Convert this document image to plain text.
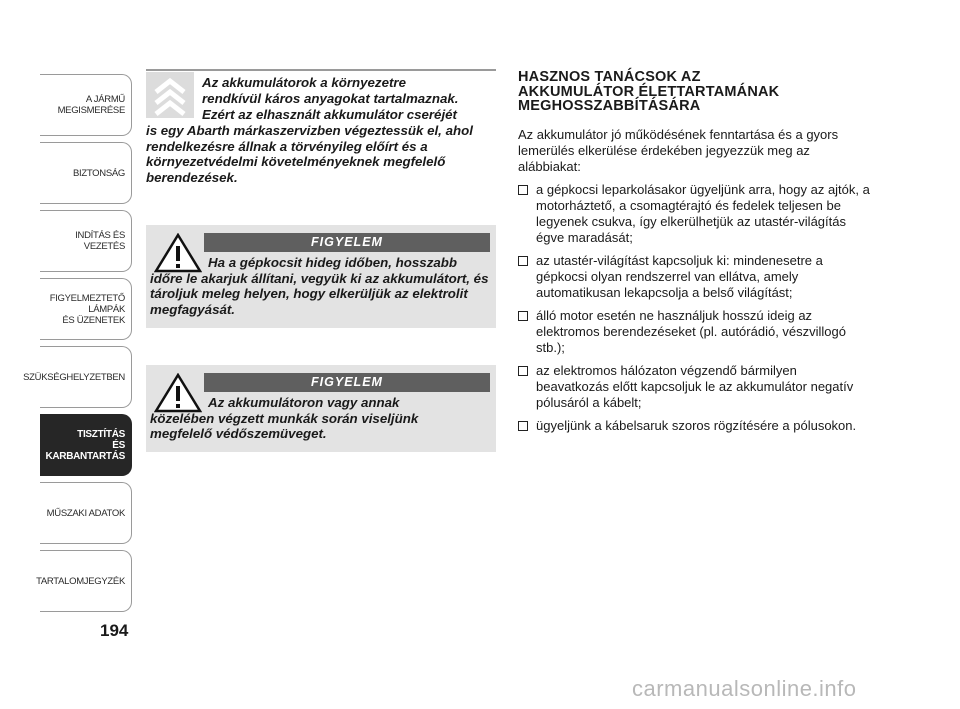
A JÁRMŰ
MEGISMERÉSE
BIZTONSÁG
INDÍTÁS ÉS VEZETÉS
FIGYELMEZTETŐ
LÁMPÁK
ÉS ÜZENETEK
SZÜKSÉGHELYZETBEN
TISZTÍTÁS
ÉS KARBANTARTÁS
MŰSZAKI ADATOK
TARTALOMJEGYZÉK
194
Az akkumulátorok a környezetre
rendkívül káros anyagokat tartalmaznak.
Ezért az elhasznált akkumulátor cseréjét
is egy Abarth márkaszervizben végeztessük el, ahol rendelkezésre állnak a törvényileg előírt és a környezetvédelmi követelményeknek megfelelő berendezések.
FIGYELEM
Ha a gépkocsit hideg időben, hosszabb időre le akarjuk állítani, vegyük ki az akkumulátort, és tároljuk meleg helyen, hogy elkerüljük az elektrolit megfagyását.
FIGYELEM
Az akkumulátoron vagy annak közelében végzett munkák során viseljünk megfelelő védőszemüveget.
HASZNOS TANÁCSOK AZ
AKKUMULÁTOR ÉLETTARTAMÁNAK
MEGHOSSZABBÍTÁSÁRA
Az akkumulátor jó működésének fenntartása és a gyors lemerülés elkerülése érdekében jegyezzük meg az alábbiakat:
a gépkocsi leparkolásakor ügyeljünk arra, hogy az ajtók, a motorháztető, a csomagtérajtó és fedelek teljesen be legyenek csukva, így elkerülhetjük az utastér-világítás égve maradását;
az utastér-világítást kapcsoljuk ki: mindenesetre a gépkocsi olyan rendszerrel van ellátva, amely automatikusan lekapcsolja a belső világítást;
álló motor esetén ne használjuk hosszú ideig az elektromos berendezéseket (pl. autórádió, vészvillogó stb.);
az elektromos hálózaton végzendő bármilyen beavatkozás előtt kapcsoljuk le az akkumulátor negatív pólusáról a kábelt;
ügyeljünk a kábelsaruk szoros rögzítésére a pólusokon.
carmanualsonline.info
